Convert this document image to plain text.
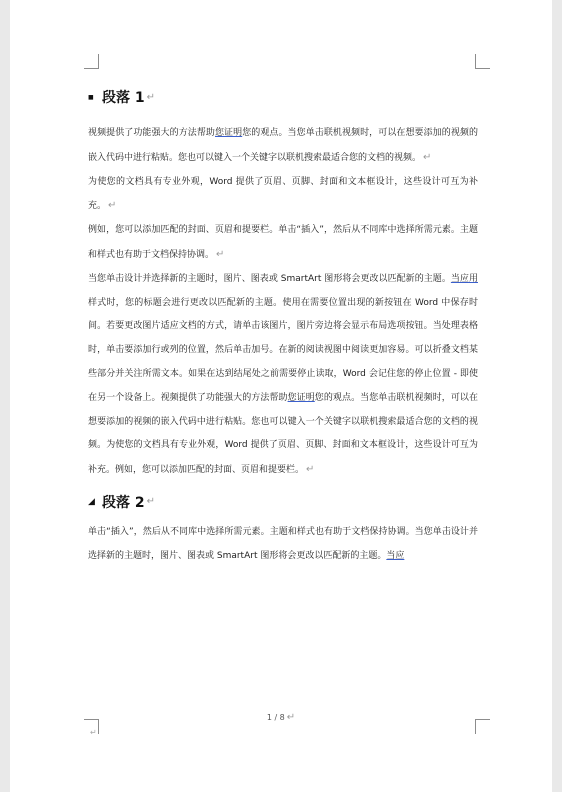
■ 段落 1 ↵

视频提供了功能强大的方法帮助您证明您的观点。当您单击联机视频时，可以在想要添加的视频的嵌入代码中进行粘贴。您也可以键入一个关键字以联机搜索最适合您的文档的视频。 ↵

为使您的文档具有专业外观，Word 提供了页眉、页脚、封面和文本框设计，这些设计可互为补充。 ↵

例如，您可以添加匹配的封面、页眉和提要栏。单击“插入”，然后从不同库中选择所需元素。主题和样式也有助于文档保持协调。 ↵

当您单击设计并选择新的主题时，图片、图表或 SmartArt 图形将会更改以匹配新的主题。当应用样式时，您的标题会进行更改以匹配新的主题。使用在需要位置出现的新按钮在 Word 中保存时间。若要更改图片适应文档的方式，请单击该图片，图片旁边将会显示布局选项按钮。当处理表格时，单击要添加行或列的位置，然后单击加号。在新的阅读视图中阅读更加容易。可以折叠文档某些部分并关注所需文本。如果在达到结尾处之前需要停止读取，Word 会记住您的停止位置 - 即使在另一个设备上。视频提供了功能强大的方法帮助您证明您的观点。当您单击联机视频时，可以在想要添加的视频的嵌入代码中进行粘贴。您也可以键入一个关键字以联机搜索最适合您的文档的视频。为使您的文档具有专业外观，Word 提供了页眉、页脚、封面和文本框设计，这些设计可互为补充。例如，您可以添加匹配的封面、页眉和提要栏。 ↵

◢ 段落 2 ↵

单击“插入”，然后从不同库中选择所需元素。主题和样式也有助于文档保持协调。当您单击设计并选择新的主题时，图片、图表或 SmartArt 图形将会更改以匹配新的主题。当应

1 / 8 ↵
↵
